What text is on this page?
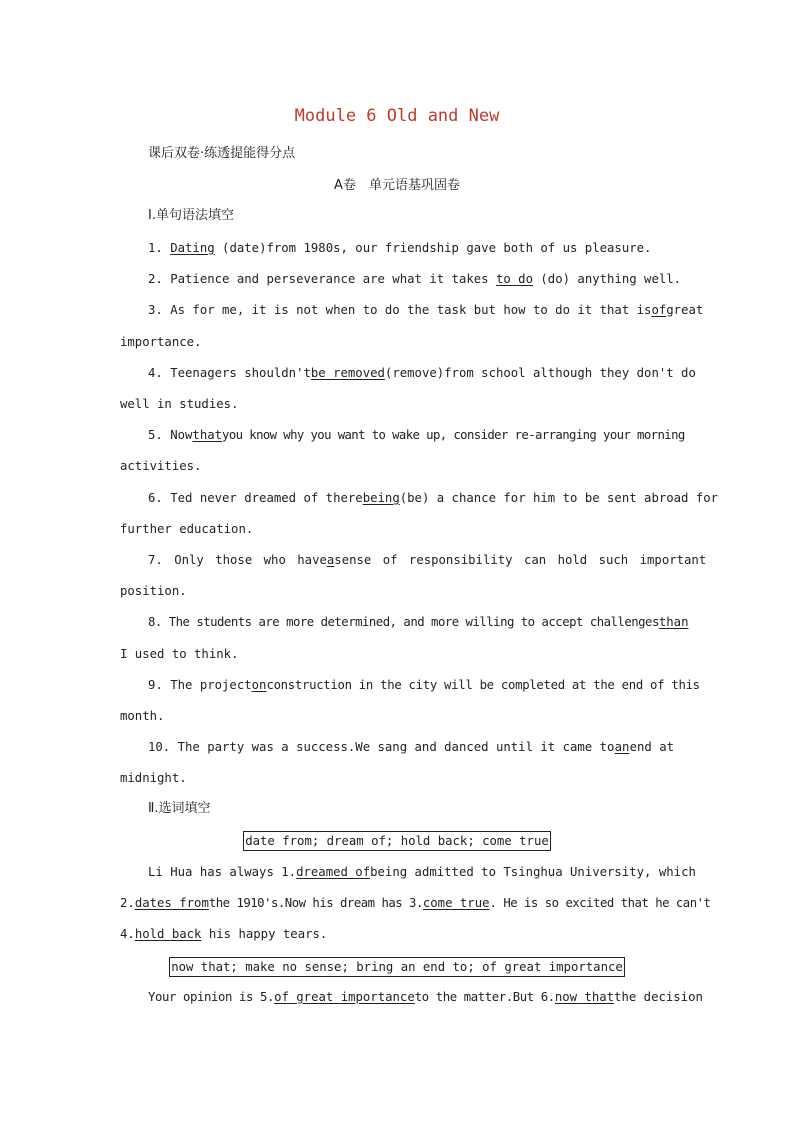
Module 6 Old and New
课后双卷·练透提能得分点
A卷　单元语基巩固卷
Ⅰ.单句语法填空
1. Dating (date)from 1980s, our friendship gave both of us pleasure.
2. Patience and perseverance are what it takes to do (do) anything well.
3. As for me, it is not when to do the task but how to do it that is of great
importance.
4. Teenagers shouldn't be removed (remove)from school although they don't do
well in studies.
5. Now that you know why you want to wake up, consider re-arranging your morning
activities.
6. Ted never dreamed of there being (be) a chance for him to be sent abroad for
further education.
7. Only those who have a sense of responsibility can hold such important
position.
8. The students are more determined, and more willing to accept challenges than
I used to think.
9. The project on construction in the city will be completed at the end of this
month.
10. The party was a success.We sang and danced until it came to an end at
midnight.
Ⅱ.选词填空
date from; dream of; hold back; come true
Li Hua has always 1. dreamed of being admitted to Tsinghua University, which
2.dates from the 1910's.Now his dream has 3. come true . He is so excited that he can't
4.hold back his happy tears.
now that; make no sense; bring an end to; of great importance
Your opinion is 5. of great importance to the matter.But 6. now that the decision
